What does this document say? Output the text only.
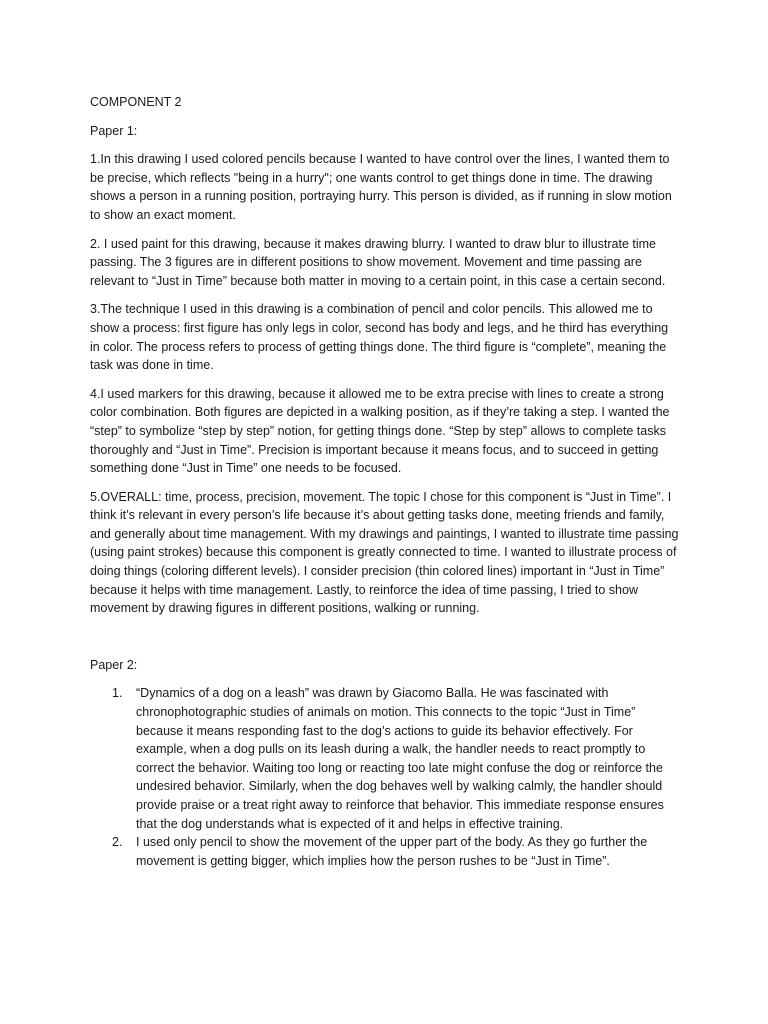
COMPONENT 2
Paper 1:
1.In this drawing I used colored pencils because I wanted to have control over the lines, I wanted them to be precise, which reflects "being in a hurry"; one wants control to get things done in time. The drawing shows a person in a running position, portraying hurry. This person is divided, as if running in slow motion to show an exact moment.
2. I used paint for this drawing, because it makes drawing blurry. I wanted to draw blur to illustrate time passing. The 3 figures are in different positions to show movement. Movement and time passing are relevant to “Just in Time” because both matter in moving to a certain point, in this case a certain second.
3.The technique I used in this drawing is a combination of pencil and color pencils. This allowed me to show a process: first figure has only legs in color, second has body and legs, and he third has everything in color. The process refers to process of getting things done. The third figure is “complete”, meaning the task was done in time.
4.I used markers for this drawing, because it allowed me to be extra precise with lines to create a strong color combination. Both figures are depicted in a walking position, as if they’re taking a step. I wanted the “step” to symbolize “step by step” notion, for getting things done. “Step by step” allows to complete tasks thoroughly and “Just in Time”. Precision is important because it means focus, and to succeed in getting something done “Just in Time” one needs to be focused.
5.OVERALL: time, process, precision, movement. The topic I chose for this component is “Just in Time”. I think it’s relevant in every person’s life because it’s about getting tasks done, meeting friends and family, and generally about time management. With my drawings and paintings, I wanted to illustrate time passing (using paint strokes) because this component is greatly connected to time. I wanted to illustrate process of doing things (coloring different levels). I consider precision (thin colored lines) important in “Just in Time” because it helps with time management. Lastly, to reinforce the idea of time passing, I tried to show movement by drawing figures in different positions, walking or running.
Paper 2:
1. “Dynamics of a dog on a leash” was drawn by Giacomo Balla. He was fascinated with chronophotographic studies of animals on motion. This connects to the topic “Just in Time” because it means responding fast to the dog’s actions to guide its behavior effectively. For example, when a dog pulls on its leash during a walk, the handler needs to react promptly to correct the behavior. Waiting too long or reacting too late might confuse the dog or reinforce the undesired behavior. Similarly, when the dog behaves well by walking calmly, the handler should provide praise or a treat right away to reinforce that behavior. This immediate response ensures that the dog understands what is expected of it and helps in effective training.
2. I used only pencil to show the movement of the upper part of the body. As they go further the movement is getting bigger, which implies how the person rushes to be “Just in Time”.
